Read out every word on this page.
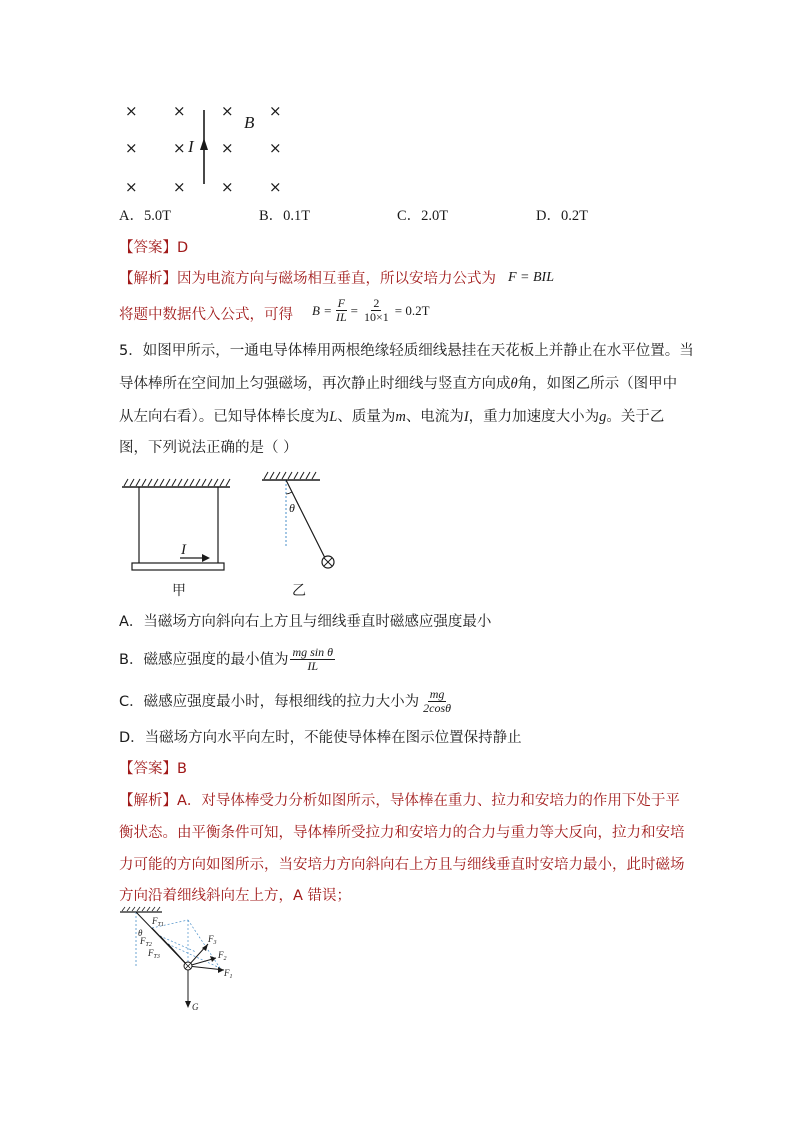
× × × ×
× × × ×
× × × ×
I
B
A．5.0T	B．0.1T	C．2.0T	D．0.2T
【答案】D
【解析】因为电流方向与磁场相互垂直，所以安培力公式为 F = BIL
将题中数据代入公式，可得 $B = \frac{F}{IL} = \frac{2}{10\times 1} = 0.2T$
5．如图甲所示，一通电导体棒用两根绝缘轻质细线悬挂在天花板上并静止在水平位置。当
导体棒所在空间加上匀强磁场，再次静止时细线与竖直方向成θ角，如图乙所示（图甲中
从左向右看）。已知导体棒长度为L、质量为m、电流为I，重力加速度大小为g。关于乙
图，下列说法正确的是（ ）
I
甲
θ
乙
A．当磁场方向斜向右上方且与细线垂直时磁感应强度最小
B．磁感应强度的最小值为 $\frac{\text{mg sin θ}}{IL}$
C．磁感应强度最小时，每根细线的拉力大小为 $\frac{mg}{2\cos\theta}$
D．当磁场方向水平向左时，不能使导体棒在图示位置保持静止
【答案】B
【解析】A．对导体棒受力分析如图所示，导体棒在重力、拉力和安培力的作用下处于平
衡状态。由平衡条件可知，导体棒所受拉力和安培力的合力与重力等大反向，拉力和安培
力可能的方向如图所示，当安培力方向斜向右上方且与细线垂直时安培力最小，此时磁场
方向沿着细线斜向左上方，A 错误；
$F_{T1}$
$F_{T2}$
$F_{T3}$
$F_3$
$F_2$
$F_1$
G
θ
